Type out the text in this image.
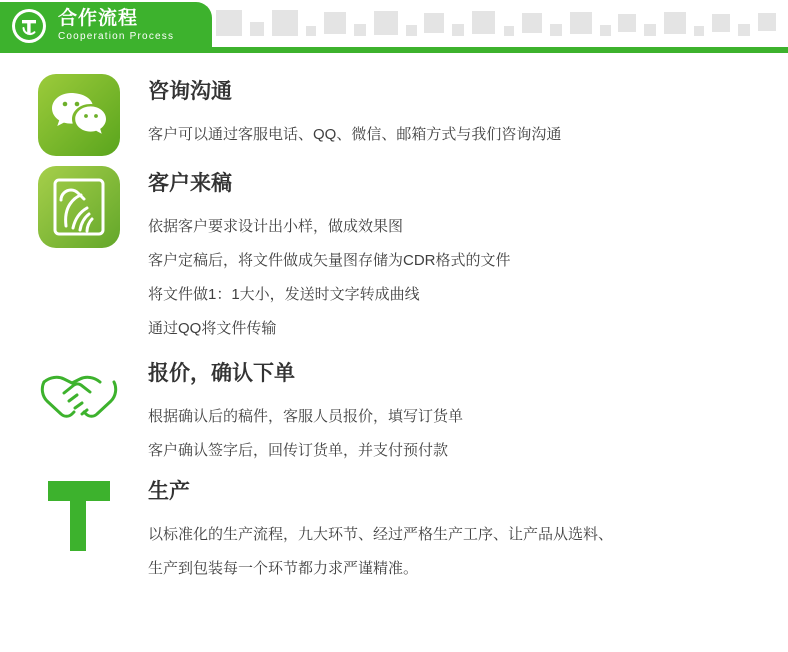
合作流程
Cooperation Process
咨询沟通
客户可以通过客服电话、QQ、微信、邮箱方式与我们咨询沟通
客户来稿
依据客户要求设计出小样，做成效果图
客户定稿后，将文件做成矢量图存储为CDR格式的文件
将文件做1：1大小，发送时文字转成曲线
通过QQ将文件传输
报价，确认下单
根据确认后的稿件，客服人员报价，填写订货单
客户确认签字后，回传订货单，并支付预付款
生产
以标准化的生产流程，九大环节、经过严格生产工序、让产品从选料、
生产到包装每一个环节都力求严谨精准。
